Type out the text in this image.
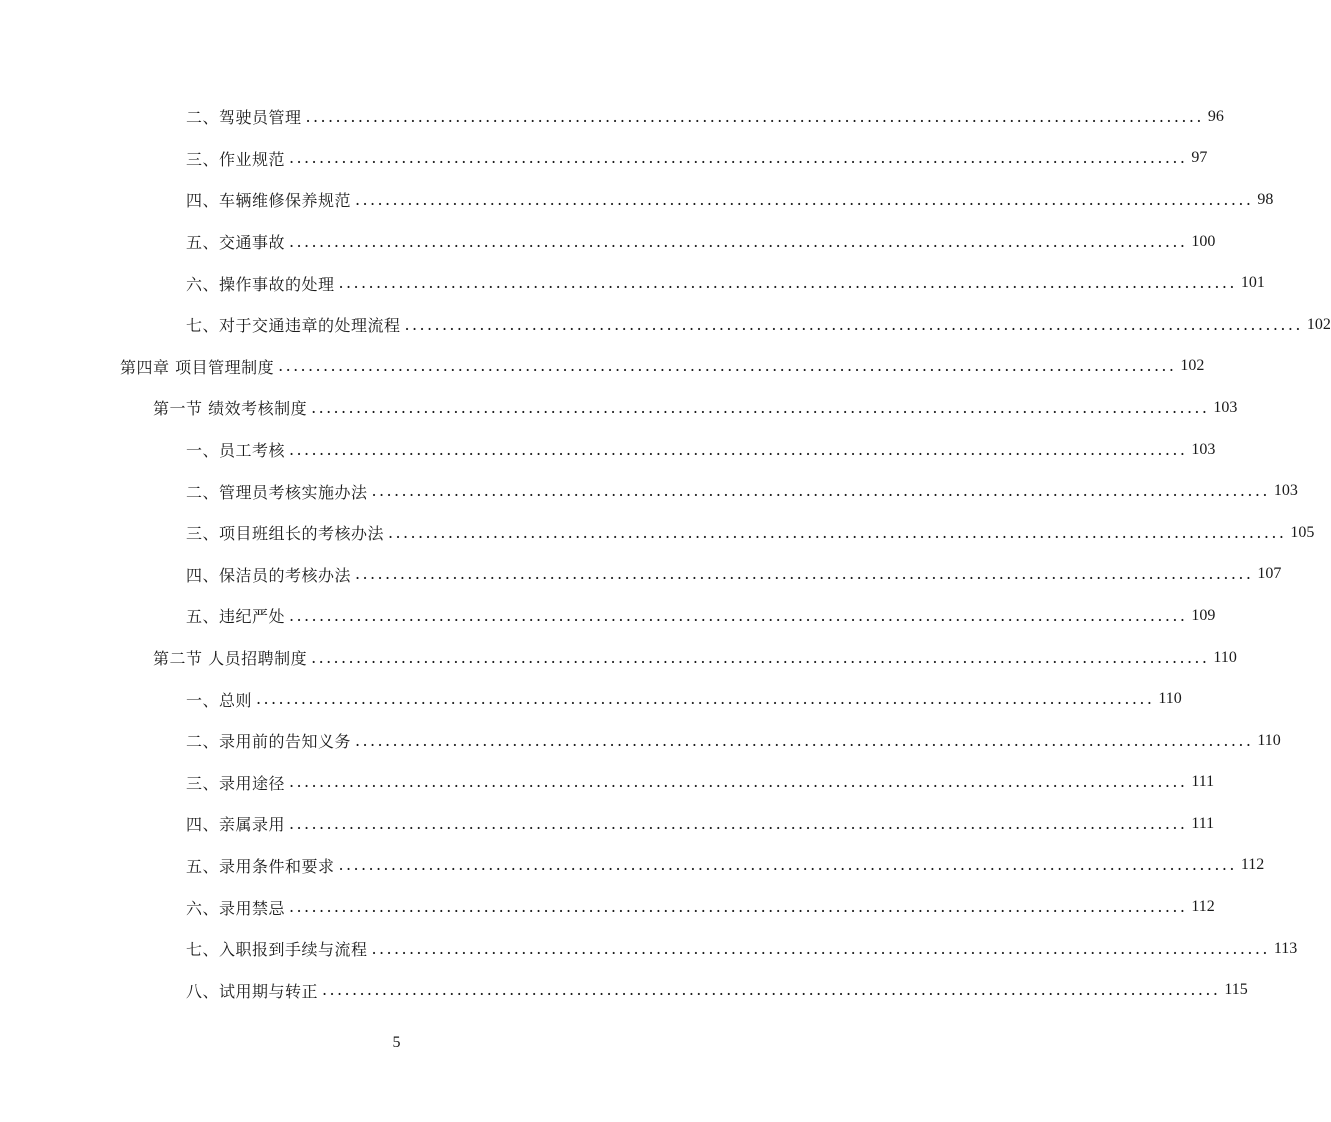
二、驾驶员管理 ........................................................................................................................ 96
三、作业规范 ........................................................................................................................ 97
四、车辆维修保养规范 ........................................................................................................................ 98
五、交通事故 ........................................................................................................................ 100
六、操作事故的处理 ........................................................................................................................ 101
七、对于交通违章的处理流程 ........................................................................................................................ 102
第四章 项目管理制度 ........................................................................................................................ 102
第一节 绩效考核制度 ........................................................................................................................ 103
一、员工考核 ........................................................................................................................ 103
二、管理员考核实施办法 ........................................................................................................................ 103
三、项目班组长的考核办法 ........................................................................................................................ 105
四、保洁员的考核办法 ........................................................................................................................ 107
五、违纪严处 ........................................................................................................................ 109
第二节 人员招聘制度 ........................................................................................................................ 110
一、总则 ........................................................................................................................ 110
二、录用前的告知义务 ........................................................................................................................ 110
三、录用途径 ........................................................................................................................ 111
四、亲属录用 ........................................................................................................................ 111
五、录用条件和要求 ........................................................................................................................ 112
六、录用禁忌 ........................................................................................................................ 112
七、入职报到手续与流程 ........................................................................................................................ 113
八、试用期与转正 ........................................................................................................................ 115
5
